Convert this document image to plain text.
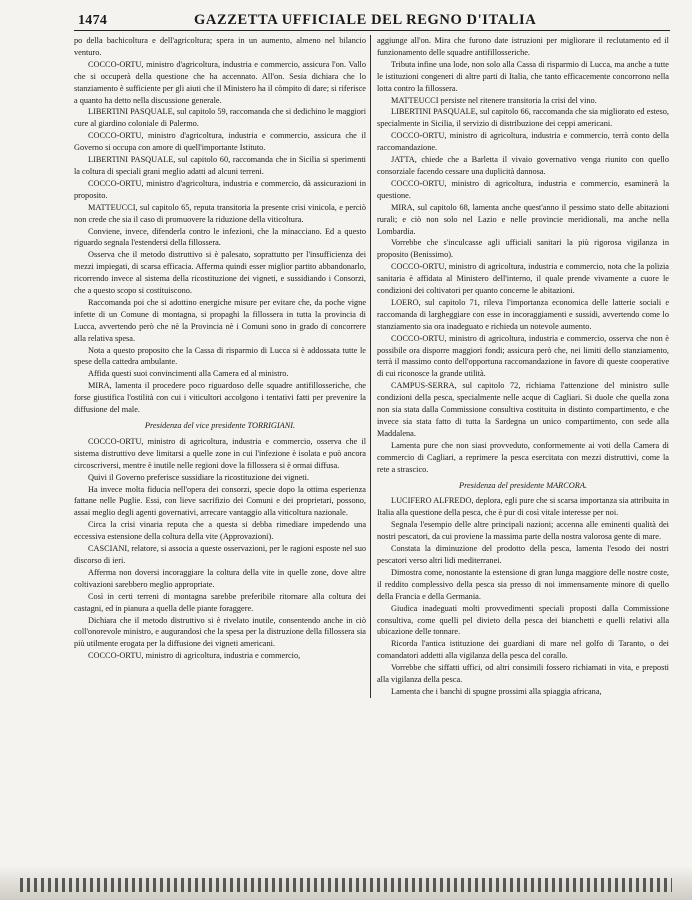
1474	GAZZETTA UFFICIALE DEL REGNO D'ITALIA

po della bachicoltura e dell'agricoltura; spera in un aumento, almeno nel bilancio venturo.

COCCO-ORTU, ministro d'agricoltura, industria e commercio, assicura l'on. Vallo che si occuperà della questione che ha accennato. All'on. Sesia dichiara che lo stanziamento è sufficiente per gli aiuti che il Ministero ha il còmpito di dare; si riferisce a quanto ha detto nella discussione generale.

LIBERTINI PASQUALE, sul capitolo 59, raccomanda che si dedichino le maggiori cure al giardino coloniale di Palermo.

COCCO-ORTU, ministro d'agricoltura, industria e commercio, assicura che il Governo si occupa con amore di quell'importante Istituto.

LIBERTINI PASQUALE, sul capitolo 60, raccomanda che in Sicilia si sperimenti la coltura di speciali grani meglio adatti ad alcuni terreni.

COCCO-ORTU, ministro d'agricoltura, industria e commercio, dà assicurazioni in proposito.

MATTEUCCI, sul capitolo 65, reputa transitoria la presente crisi vinicola, e perciò non crede che sia il caso di promuovere la riduzione della viticoltura.

Conviene, invece, difenderla contro le infezioni, che la minacciano. Ed a questo riguardo segnala l'estendersi della fillossera.

Osserva che il metodo distruttivo si è palesato, soprattutto per l'insufficienza dei mezzi impiegati, di scarsa efficacia. Afferma quindi esser miglior partito abbandonarlo, ricorrendo invece al sistema della ricostituzione dei vigneti, e sussidiando i Consorzi, che a questo scopo si costituiscono.

Raccomanda poi che si adottino energiche misure per evitare che, da poche vigne infette di un Comune di montagna, si propaghi la fillossera in tutta la provincia di Lucca, avvertendo però che nè la Provincia nè i Comuni sono in grado di concorrere alla relativa spesa.

Nota a questo proposito che la Cassa di risparmio di Lucca si è addossata tutte le spese della cattedra ambulante.

Affida questi suoi convincimenti alla Camera ed al ministro.

MIRA, lamenta il procedere poco riguardoso delle squadre antifillosseriche, che forse giustifica l'ostilità con cui i viticultori accolgono i tentativi fatti per prevenire la diffusione del male.

Presidenza del vice presidente TORRIGIANI.

COCCO-ORTU, ministro di agricoltura, industria e commercio, osserva che il sistema distruttivo deve limitarsi a quelle zone in cui l'infezione è isolata e può ancora circoscriversi, mentre è inutile nelle regioni dove la fillossera si è ormai diffusa.

Quivi il Governo preferisce sussidiare la ricostituzione dei vigneti.

Ha invece molta fiducia nell'opera dei consorzi, specie dopo la ottima esperienza fattane nelle Puglie. Essi, con lieve sacrifizio dei Comuni e dei proprietari, possono, assai meglio degli agenti governativi, arrecare vantaggio alla viticoltura nazionale.

Circa la crisi vinaria reputa che a questa si debba rimediare impedendo una eccessiva estensione della coltura della vite (Approvazioni).

CASCIANI, relatore, si associa a queste osservazioni, per le ragioni esposte nel suo discorso di ieri.

Afferma non doversi incoraggiare la coltura della vite in quelle zone, dove altre coltivazioni sarebbero meglio appropriate.

Così in certi terreni di montagna sarebbe preferibile ritornare alla coltura dei castagni, ed in pianura a quella delle piante foraggere.

Dichiara che il metodo distruttivo si è rivelato inutile, consentendo anche in ciò coll'onorevole ministro, e augurandosi che la spesa per la distruzione della fillossera sia più utilmente erogata per la diffusione dei vigneti americani.

COCCO-ORTU, ministro di agricoltura, industria e commercio,

aggiunge all'on. Mira che furono date istruzioni per migliorare il reclutamento ed il funzionamento delle squadre antifillosseriche.

Tributa infine una lode, non solo alla Cassa di risparmio di Lucca, ma anche a tutte le istituzioni congeneri di altre parti di Italia, che tanto efficacemente concorrono nella lotta contro la fillossera.

MATTEUCCI persiste nel ritenere transitoria la crisi del vino.

LIBERTINI PASQUALE, sul capitolo 66, raccomanda che sia migliorato ed esteso, specialmente in Sicilia, il servizio di distribuzione dei ceppi americani.

COCCO-ORTU, ministro di agricoltura, industria e commercio, terrà conto della raccomandazione.

JATTA, chiede che a Barletta il vivaio governativo venga riunito con quello consorziale facendo cessare una duplicità dannosa.

COCCO-ORTU, ministro di agricoltura, industria e commercio, esaminerà la questione.

MIRA, sul capitolo 68, lamenta anche quest'anno il pessimo stato delle abitazioni rurali; e ciò non solo nel Lazio e nelle provincie meridionali, ma anche nella Lombardia.

Vorrebbe che s'inculcasse agli ufficiali sanitari la più rigorosa vigilanza in proposito (Benissimo).

COCCO-ORTU, ministro di agricoltura, industria e commercio, nota che la polizia sanitaria è affidata al Ministero dell'interno, il quale prende vivamente a cuore le condizioni dei coltivatori per quanto concerne le abitazioni.

LOERO, sul capitolo 71, rileva l'importanza economica delle latterie sociali e raccomanda di largheggiare con esse in incoraggiamenti e sussidi, avvertendo come lo stanziamento sia ora inadeguato e richieda un notevole aumento.

COCCO-ORTU, ministro di agricoltura, industria e commercio, osserva che non è possibile ora disporre maggiori fondi; assicura però che, nei limiti dello stanziamento, terrà il massimo conto dell'opportuna raccomandazione in favore di queste cooperative di cui riconosce la grande utilità.

CAMPUS-SERRA, sul capitolo 72, richiama l'attenzione del ministro sulle condizioni della pesca, specialmente nelle acque di Cagliari. Si duole che quella zona non sia stata dalla Commissione consultiva costituita in distinto compartimento, e che invece sia stata fatto di tutta la Sardegna un unico compartimento, con sede alla Maddalena.

Lamenta pure che non siasi provveduto, conformemente ai voti della Camera di commercio di Cagliari, a reprimere la pesca esercitata con mezzi distruttivi, come la rete a strascico.

Presidenza del presidente MARCORA.

LUCIFERO ALFREDO, deplora, egli pure che si scarsa importanza sia attribuita in Italia alla questione della pesca, che è pur di così vitale interesse per noi.

Segnala l'esempio delle altre principali nazioni; accenna alle eminenti qualità dei nostri pescatori, da cui proviene la massima parte della nostra valorosa gente di mare.

Constata la diminuzione del prodotto della pesca, lamenta l'esodo dei nostri pescatori verso altri lidi mediterranei.

Dimostra come, nonostante la estensione di gran lunga maggiore delle nostre coste, il reddito complessivo della pesca sia presso di noi immensamente minore di quello della Francia e della Germania.

Giudica inadeguati molti provvedimenti speciali proposti dalla Commissione consultiva, come quelli pel divieto della pesca dei bianchetti e quelli relativi alla ubicazione delle tonnare.

Ricorda l'antica istituzione dei guardiani di mare nel golfo di Taranto, o dei comandatori addetti alla vigilanza della pesca del corallo.

Vorrebbe che siffatti uffici, od altri consimili fossero richiamati in vita, e preposti alla vigilanza della pesca.

Lamenta che i banchi di spugne prossimi alla spiaggia africana,
